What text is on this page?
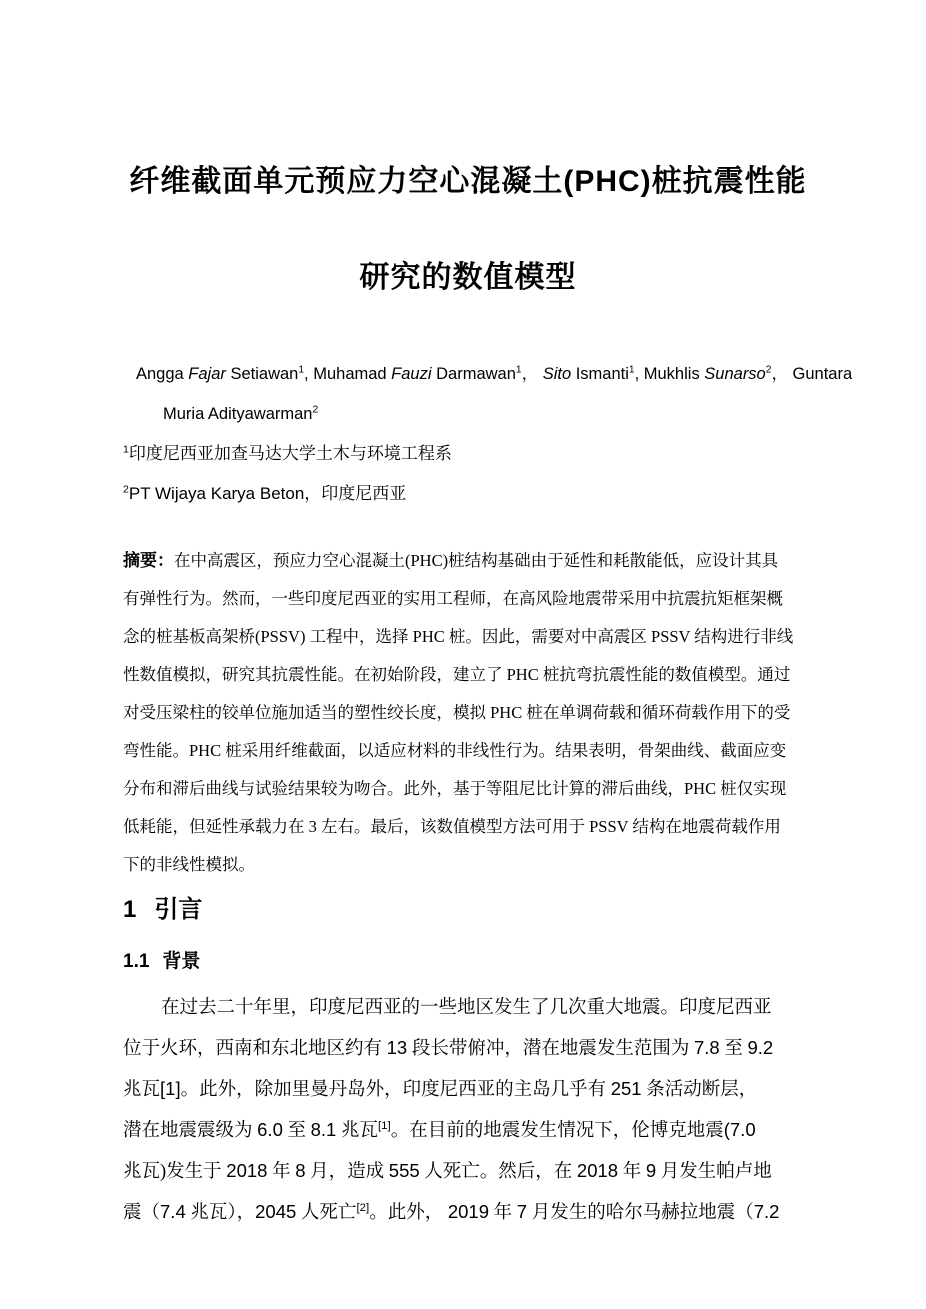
纤维截面单元预应力空心混凝土(PHC)桩抗震性能
研究的数值模型
Angga Fajar Setiawan$^1$, Muhamad Fauzi Darmawan$^1$， Sito Ismanti$^1$, Mukhlis Sunarso$^2$， Guntara
Muria Adityawarman$^2$
$^1$印度尼西亚加查马达大学土木与环境工程系
$^2$PT Wijaya Karya Beton，印度尼西亚
摘要：在中高震区，预应力空心混凝土(PHC)桩结构基础由于延性和耗散能低，应设计其具
有弹性行为。然而，一些印度尼西亚的实用工程师，在高风险地震带采用中抗震抗矩框架概
念的桩基板高架桥(PSSV) 工程中，选择 PHC 桩。因此，需要对中高震区 PSSV 结构进行非线
性数值模拟，研究其抗震性能。在初始阶段，建立了 PHC 桩抗弯抗震性能的数值模型。通过
对受压梁柱的铰单位施加适当的塑性绞长度，模拟 PHC 桩在单调荷载和循环荷载作用下的受
弯性能。PHC 桩采用纤维截面，以适应材料的非线性行为。结果表明，骨架曲线、截面应变
分布和滞后曲线与试验结果较为吻合。此外，基于等阻尼比计算的滞后曲线，PHC 桩仅实现
低耗能，但延性承载力在 3 左右。最后，该数值模型方法可用于 PSSV 结构在地震荷载作用
下的非线性模拟。
1 引言
1.1 背景
在过去二十年里，印度尼西亚的一些地区发生了几次重大地震。印度尼西亚
位于火环，西南和东北地区约有 13 段长带俯冲，潜在地震发生范围为 7.8 至 9.2
兆瓦[1]。此外，除加里曼丹岛外，印度尼西亚的主岛几乎有 251 条活动断层，
潜在地震震级为 6.0 至 8.1 兆瓦[1]。在目前的地震发生情况下，伦博克地震(7.0
兆瓦)发生于 2018 年 8 月，造成 555 人死亡。然后，在 2018 年 9 月发生帕卢地
震（7.4 兆瓦），2045 人死亡[2]。此外， 2019 年 7 月发生的哈尔马赫拉地震（7.2
